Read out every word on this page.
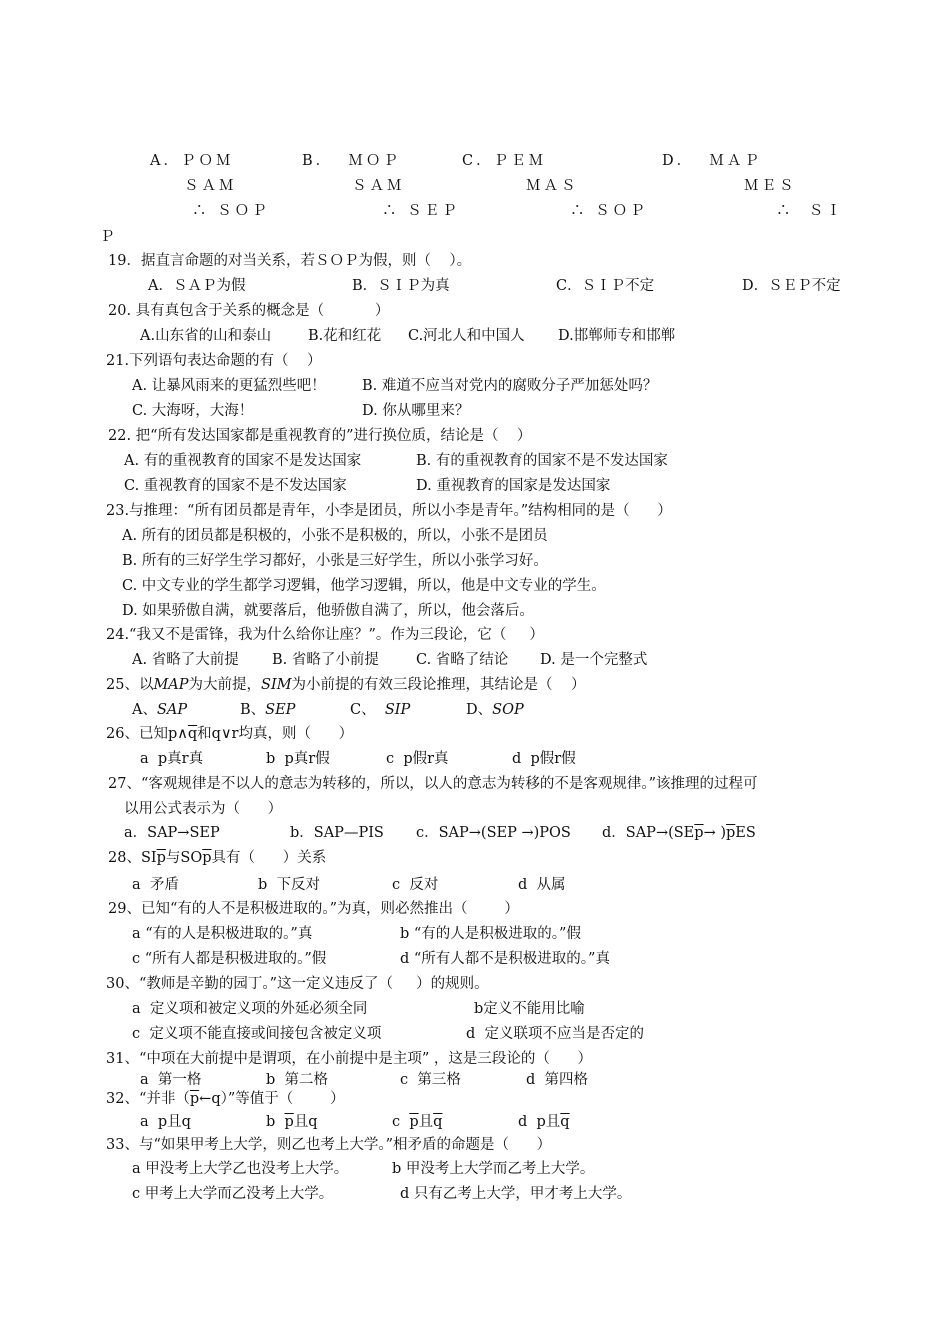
A．ＰＯＭ	B．  ＭＯＰ	C．ＰＥＭ	D．  ＭＡＰ
ＳＡＭ	ＳＡＭ	ＭＡＳ	ＭＥＳ
∴ ＳＯＰ	∴ ＳＥＰ	∴ ＳＯＰ	∴  ＳＩ
Ｐ
19．据直言命题的对当关系，若ＳＯＰ为假，则（    ）。
A．ＳＡＰ为假	B．ＳＩＰ为真	C．ＳＩＰ不定	D．ＳＥＰ不定
20. 具有真包含于关系的概念是（           ）
A.山东省的山和泰山	B.花和红花 C.河北人和中国人 D.邯郸师专和邯郸
21.下列语句表达命题的有（    ）
A. 让暴风雨来的更猛烈些吧！	B. 难道不应当对党内的腐败分子严加惩处吗？
C. 大海呀，大海！	D. 你从哪里来？
22. 把“所有发达国家都是重视教育的”进行换位质，结论是（    ）
A. 有的重视教育的国家不是发达国家	B. 有的重视教育的国家不是不发达国家
C. 重视教育的国家不是不发达国家	D. 重视教育的国家是发达国家
23.与推理：“所有团员都是青年，小李是团员，所以小李是青年。”结构相同的是（      ）
A. 所有的团员都是积极的，小张不是积极的，所以，小张不是团员
B. 所有的三好学生学习都好，小张是三好学生，所以小张学习好。
C. 中文专业的学生都学习逻辑，他学习逻辑，所以，他是中文专业的学生。
D. 如果骄傲自满，就要落后，他骄傲自满了，所以，他会落后。
24.“我又不是雷锋，我为什么给你让座？”。作为三段论，它（     ）
A. 省略了大前提 B. 省略了小前提	C. 省略了结论 D. 是一个完整式
25、以MAP为大前提，SIM为小前提的有效三段论推理，其结论是（    ）
A、SAP	B、SEP	C、 SIP	D、SOP
26、已知$p\wedge\overline{q}$和q∨r均真，则（      ）
a  p真r真	b  p真r假	c  p假r真	d  p假r假
27、“客观规律是不以人的意志为转移的，所以，以人的意志为转移的不是客观规律。”该推理的过程可
以用公式表示为（      ）
a．SAP→SEP	b．SAP—PIS c．SAP→(SEP →)POS d．$SAP\to(SE\overline{p}\to )\overline{p}ES$
28、$SI\overline{p}$与$SO\overline{p}$具有（      ）关系
a  矛盾	b  下反对	c  反对	d  从属
29、已知“有的人不是积极进取的。”为真，则必然推出（        ）
a “有的人是积极进取的。”真	b “有的人是积极进取的。”假
c “所有人都是积极进取的。”假	d “所有人都不是积极进取的。”真
30、“教师是辛勤的园丁。”这一定义违反了（     ）的规则。
a  定义项和被定义项的外延必须全同	b定义不能用比喻
c  定义项不能直接或间接包含被定义项	d  定义联项不应当是否定的
31、“中项在大前提中是谓项，在小前提中是主项” ，这是三段论的（      ）
a  第一格	b  第二格	c  第三格	d  第四格
32、“并非$(\overline{p}\leftarrow q)$”等值于（        ）
a  p且q	b  $\overline{p}$且q	c  $\overline{p}$且$\overline{q}$	d  p且$\overline{q}$
33、与“如果甲考上大学，则乙也考上大学。”相矛盾的命题是（      ）
a 甲没考上大学乙也没考上大学。	b 甲没考上大学而乙考上大学。
c 甲考上大学而乙没考上大学。	d 只有乙考上大学，甲才考上大学。
